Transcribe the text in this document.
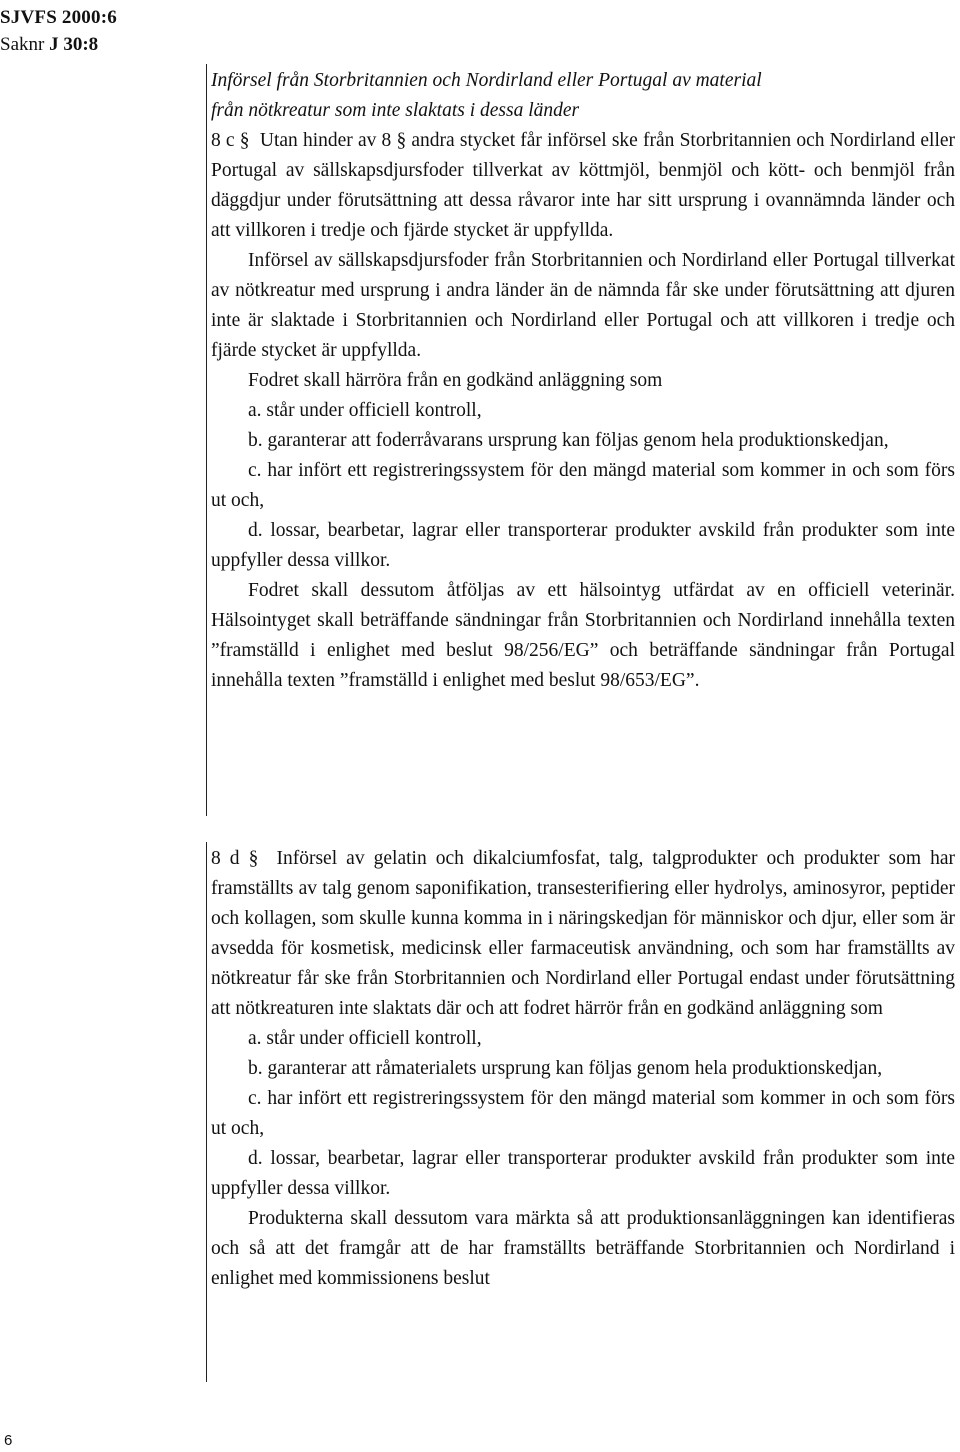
SJVFS 2000:6
Saknr J 30:8

Införsel från Storbritannien och Nordirland eller Portugal av material

från nötkreatur som inte slaktats i dessa länder

8 c § Utan hinder av 8 § andra stycket får införsel ske från Storbritannien och Nordirland eller Portugal av sällskapsdjursfoder tillverkat av köttmjöl, benmjöl och kött- och benmjöl från däggdjur under förutsättning att dessa råvaror inte har sitt ursprung i ovannämnda länder och att villkoren i tredje och fjärde stycket är uppfyllda.

Införsel av sällskapsdjursfoder från Storbritannien och Nordirland eller Portugal tillverkat av nötkreatur med ursprung i andra länder än de nämnda får ske under förutsättning att djuren inte är slaktade i Storbritannien och Nordirland eller Portugal och att villkoren i tredje och fjärde stycket är uppfyllda.

Fodret skall härröra från en godkänd anläggning som

a. står under officiell kontroll,

b. garanterar att foderråvarans ursprung kan följas genom hela produktionskedjan,

c. har infört ett registreringssystem för den mängd material som kommer in och som förs ut och,

d. lossar, bearbetar, lagrar eller transporterar produkter avskild från produkter som inte uppfyller dessa villkor.

Fodret skall dessutom åtföljas av ett hälsointyg utfärdat av en officiell veterinär. Hälsointyget skall beträffande sändningar från Storbritannien och Nordirland innehålla texten ”framställd i enlighet med beslut 98/256/EG” och beträffande sändningar från Portugal innehålla texten ”framställd i enlighet med beslut 98/653/EG”.

8 d § Införsel av gelatin och dikalciumfosfat, talg, talgprodukter och produkter som har framställts av talg genom saponifikation, transesterifiering eller hydrolys, aminosyror, peptider och kollagen, som skulle kunna komma in i näringskedjan för människor och djur, eller som är avsedda för kosmetisk, medicinsk eller farmaceutisk användning, och som har framställts av nötkreatur får ske från Storbritannien och Nordirland eller Portugal endast under förutsättning att nötkreaturen inte slaktats där och att fodret härrör från en godkänd anläggning som

a. står under officiell kontroll,

b. garanterar att råmaterialets ursprung kan följas genom hela produktionskedjan,

c. har infört ett registreringssystem för den mängd material som kommer in och som förs ut och,

d. lossar, bearbetar, lagrar eller transporterar produkter avskild från produkter som inte uppfyller dessa villkor.

Produkterna skall dessutom vara märkta så att produktionsanläggningen kan identifieras och så att det framgår att de har framställts beträffande Storbritannien och Nordirland i enlighet med kommissionens beslut

6
